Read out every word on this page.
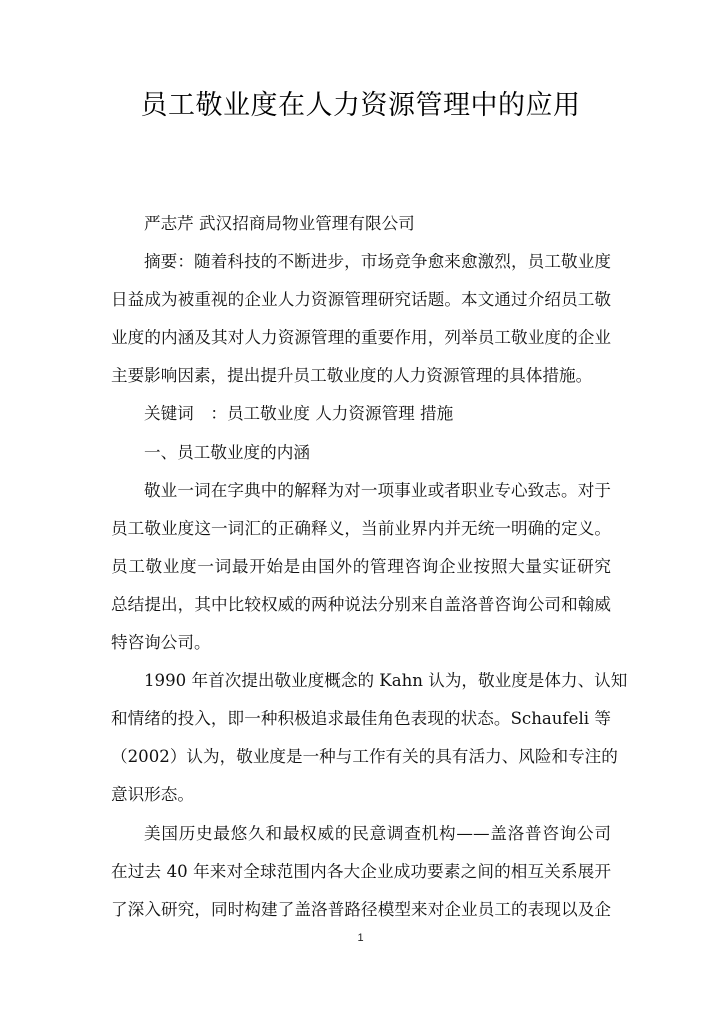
员工敬业度在人力资源管理中的应用
严志芹 武汉招商局物业管理有限公司
摘要：随着科技的不断进步，市场竞争愈来愈激烈，员工敬业度
日益成为被重视的企业人力资源管理研究话题。本文通过介绍员工敬
业度的内涵及其对人力资源管理的重要作用，列举员工敬业度的企业
主要影响因素，提出提升员工敬业度的人力资源管理的具体措施。
关键词　：员工敬业度 人力资源管理 措施
一、员工敬业度的内涵
敬业一词在字典中的解释为对一项事业或者职业专心致志。对于
员工敬业度这一词汇的正确释义，当前业界内并无统一明确的定义。
员工敬业度一词最开始是由国外的管理咨询企业按照大量实证研究
总结提出，其中比较权威的两种说法分别来自盖洛普咨询公司和翰威
特咨询公司。
1990 年首次提出敬业度概念的 Kahn 认为，敬业度是体力、认知
和情绪的投入，即一种积极追求最佳角色表现的状态。Schaufeli 等
（2002）认为，敬业度是一种与工作有关的具有活力、风险和专注的
意识形态。
美国历史最悠久和最权威的民意调查机构——盖洛普咨询公司
在过去 40 年来对全球范围内各大企业成功要素之间的相互关系展开
了深入研究，同时构建了盖洛普路径模型来对企业员工的表现以及企
1
